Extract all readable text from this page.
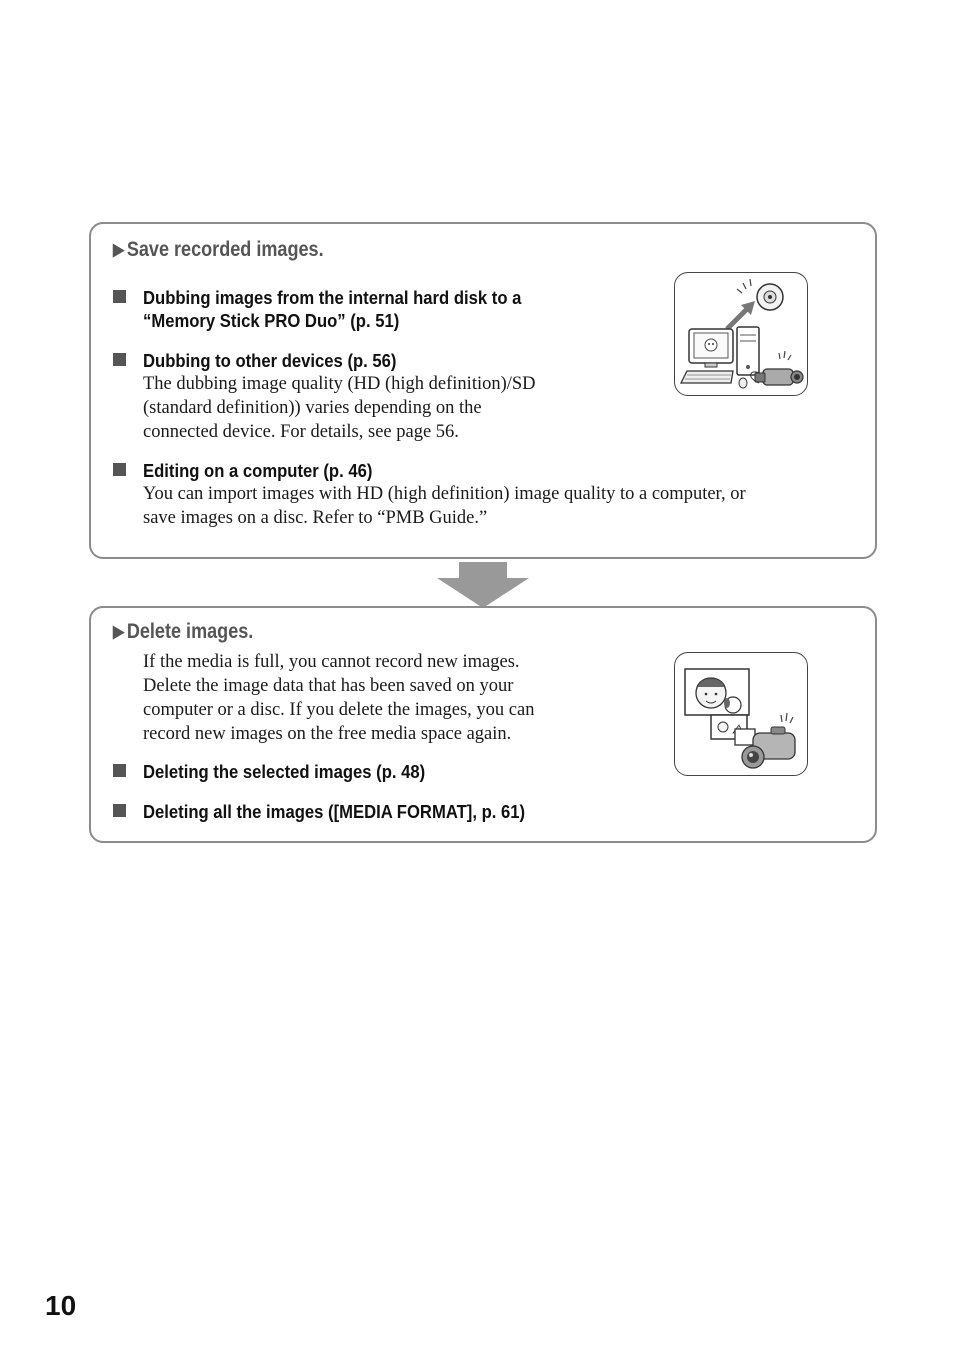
▶ Save recorded images.
Dubbing images from the internal hard disk to a
“Memory Stick PRO Duo” (p. 51)
Dubbing to other devices (p. 56)
The dubbing image quality (HD (high definition)/SD
(standard definition)) varies depending on the
connected device. For details, see page 56.
Editing on a computer (p. 46)
You can import images with HD (high definition) image quality to a computer, or
save images on a disc. Refer to “PMB Guide.”
▶ Delete images.
If the media is full, you cannot record new images.
Delete the image data that has been saved on your
computer or a disc. If you delete the images, you can
record new images on the free media space again.
Deleting the selected images (p. 48)
Deleting all the images ([MEDIA FORMAT], p. 61)
10
